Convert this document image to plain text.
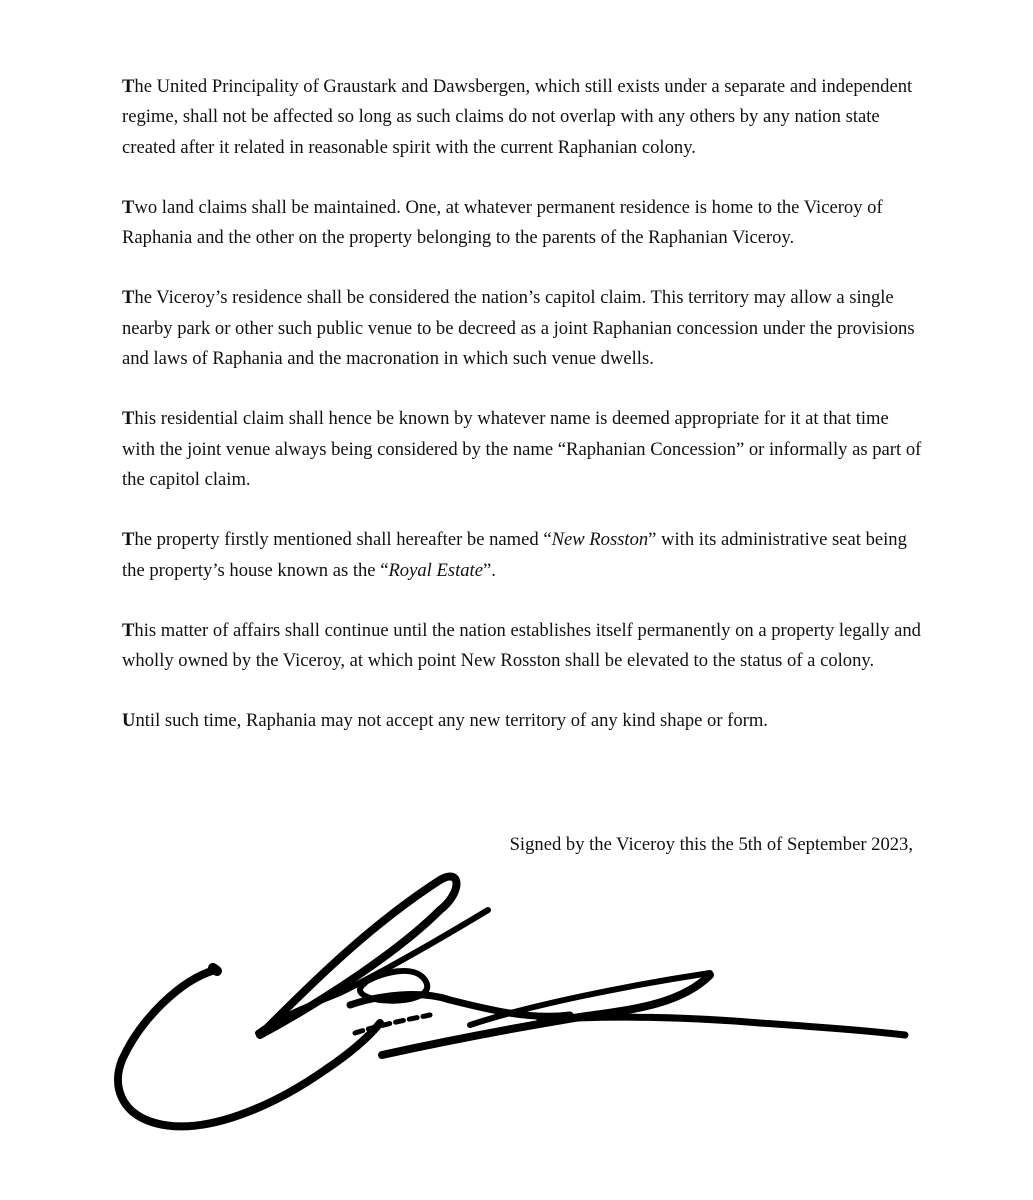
The United Principality of Graustark and Dawsbergen, which still exists under a separate and independent regime, shall not be affected so long as such claims do not overlap with any others by any nation state created after it related in reasonable spirit with the current Raphanian colony.

Two land claims shall be maintained. One, at whatever permanent residence is home to the Viceroy of Raphania and the other on the property belonging to the parents of the Raphanian Viceroy.

The Viceroy’s residence shall be considered the nation’s capitol claim. This territory may allow a single nearby park or other such public venue to be decreed as a joint Raphanian concession under the provisions and laws of Raphania and the macronation in which such venue dwells.

This residential claim shall hence be known by whatever name is deemed appropriate for it at that time with the joint venue always being considered by the name “Raphanian Concession” or informally as part of the capitol claim.

The property firstly mentioned shall hereafter be named “New Rosston” with its administrative seat being the property’s house known as the “Royal Estate”.

This matter of affairs shall continue until the nation establishes itself permanently on a property legally and wholly owned by the Viceroy, at which point New Rosston shall be elevated to the status of a colony.

Until such time, Raphania may not accept any new territory of any kind shape or form.

Signed by the Viceroy this the 5th of September 2023,
